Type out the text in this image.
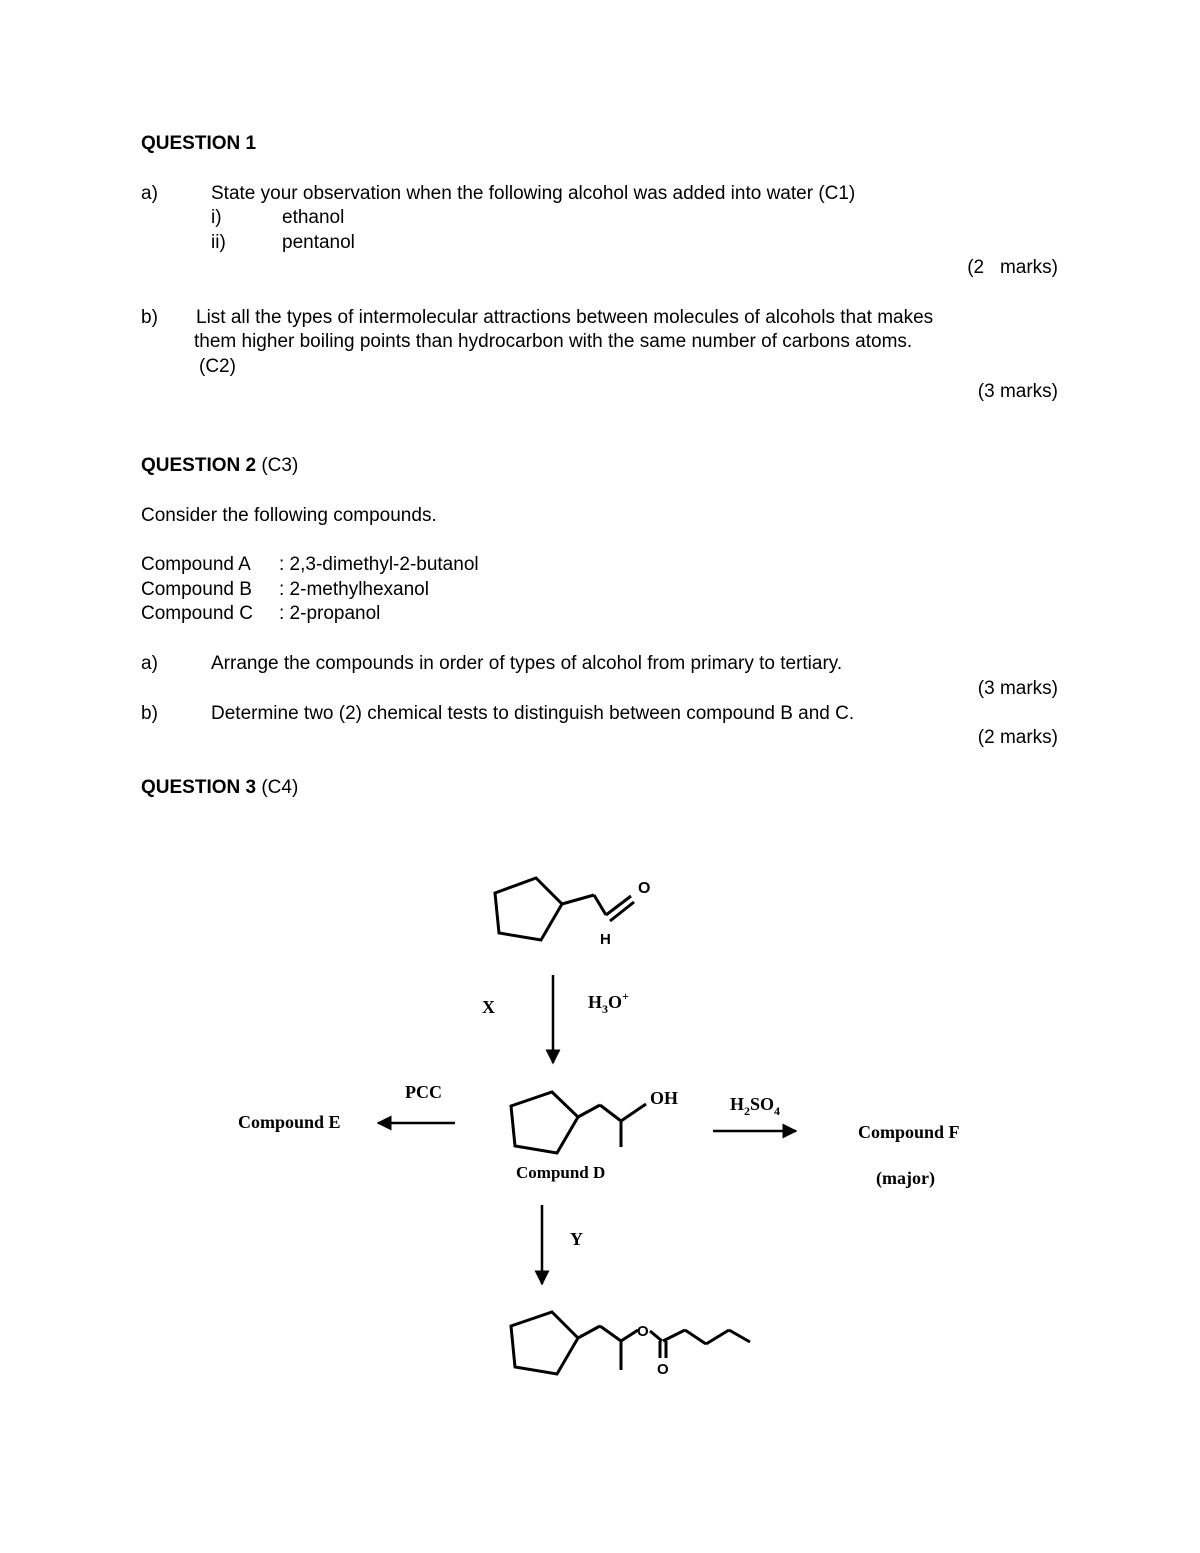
QUESTION 1
a)	State your observation when the following alcohol was added into water (C1)
i)	ethanol
ii)	pentanol
(2   marks)
b) List all the types of intermolecular attractions between molecules of alcohols that makes
them higher boiling points than hydrocarbon with the same number of carbons atoms.
(C2)
(3 marks)
QUESTION 2 (C3)
Consider the following compounds.
Compound A : 2,3-dimethyl-2-butanol
Compound B : 2-methylhexanol
Compound C : 2-propanol
a)	Arrange the compounds in order of types of alcohol from primary to tertiary.
(3 marks)
b)	Determine two (2) chemical tests to distinguish between compound B and C.
(2 marks)
QUESTION 3 (C4)
O
H
X	$H_3O^+$
OH
Compund D
PCC
Compound E
$H_2SO_4$
Compound F
(major)
Y
O
O
